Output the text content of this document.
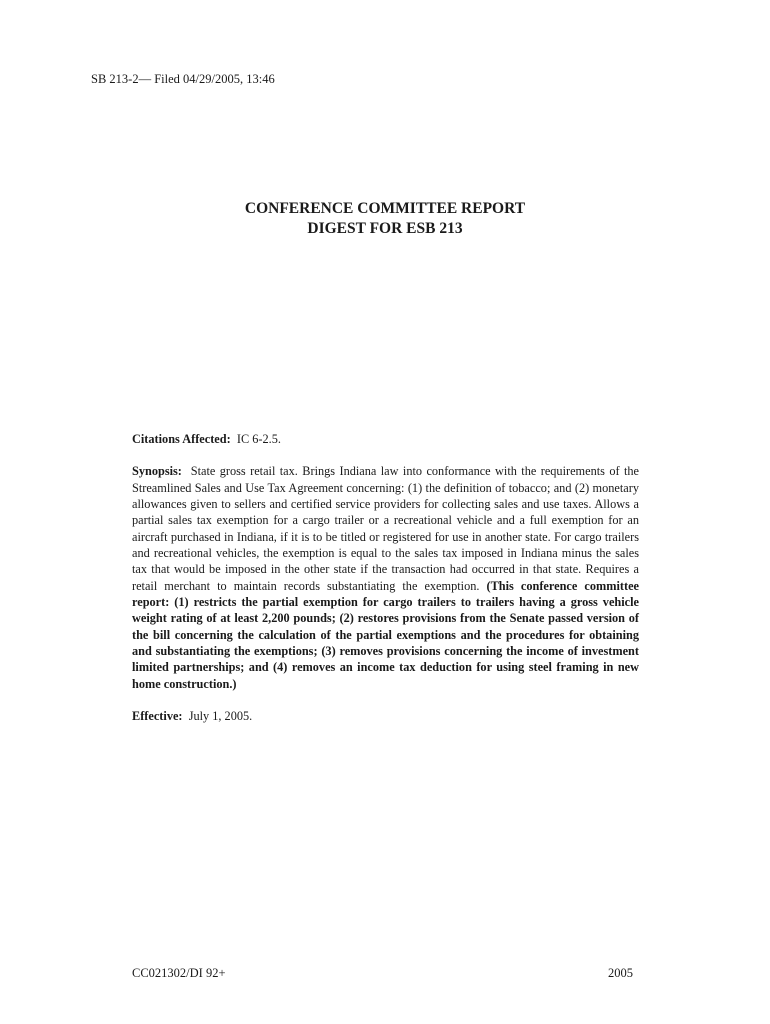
SB 213-2— Filed 04/29/2005, 13:46
CONFERENCE COMMITTEE REPORT
DIGEST FOR ESB 213

Citations Affected: IC 6-2.5.

Synopsis: State gross retail tax. Brings Indiana law into conformance with the requirements of the Streamlined Sales and Use Tax Agreement concerning: (1) the definition of tobacco; and (2) monetary allowances given to sellers and certified service providers for collecting sales and use taxes. Allows a partial sales tax exemption for a cargo trailer or a recreational vehicle and a full exemption for an aircraft purchased in Indiana, if it is to be titled or registered for use in another state. For cargo trailers and recreational vehicles, the exemption is equal to the sales tax imposed in Indiana minus the sales tax that would be imposed in the other state if the transaction had occurred in that state. Requires a retail merchant to maintain records substantiating the exemption. (This conference committee report: (1) restricts the partial exemption for cargo trailers to trailers having a gross vehicle weight rating of at least 2,200 pounds; (2) restores provisions from the Senate passed version of the bill concerning the calculation of the partial exemptions and the procedures for obtaining and substantiating the exemptions; (3) removes provisions concerning the income of investment limited partnerships; and (4) removes an income tax deduction for using steel framing in new home construction.)

Effective: July 1, 2005.

CC021302/DI 92+	2005
